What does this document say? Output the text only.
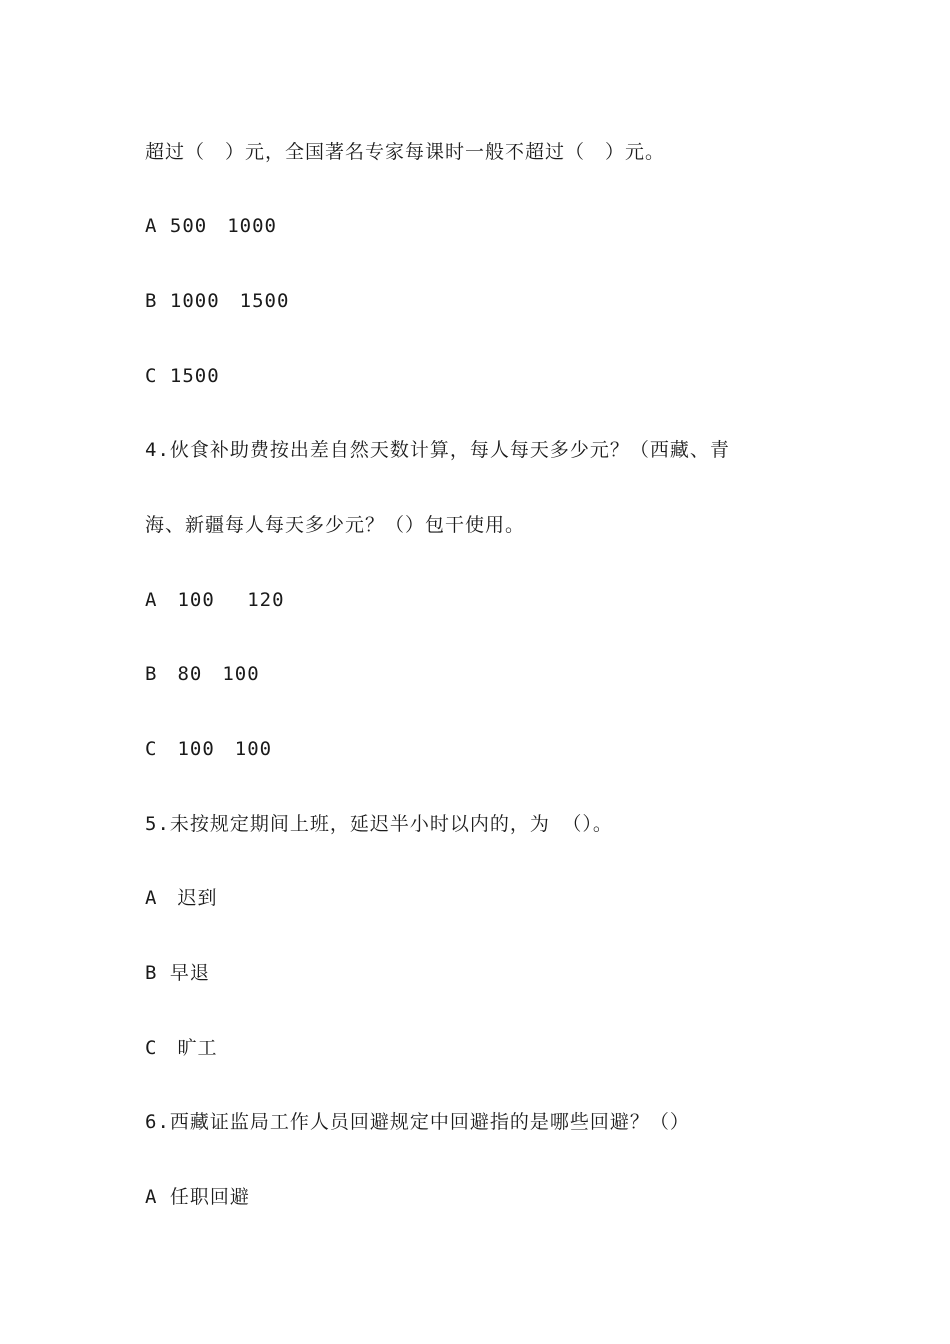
超过（　）元，全国著名专家每课时一般不超过（　）元。
A 500　1000
B 1000　1500
C 1500
4.伙食补助费按出差自然天数计算，每人每天多少元？（西藏、青
海、新疆每人每天多少元？（）包干使用。
A　100　 120
B　80　100
C　100　100
5.未按规定期间上班，延迟半小时以内的，为 （）。
A　迟到
B 早退
C　旷工
6.西藏证监局工作人员回避规定中回避指的是哪些回避？（）
A 任职回避
